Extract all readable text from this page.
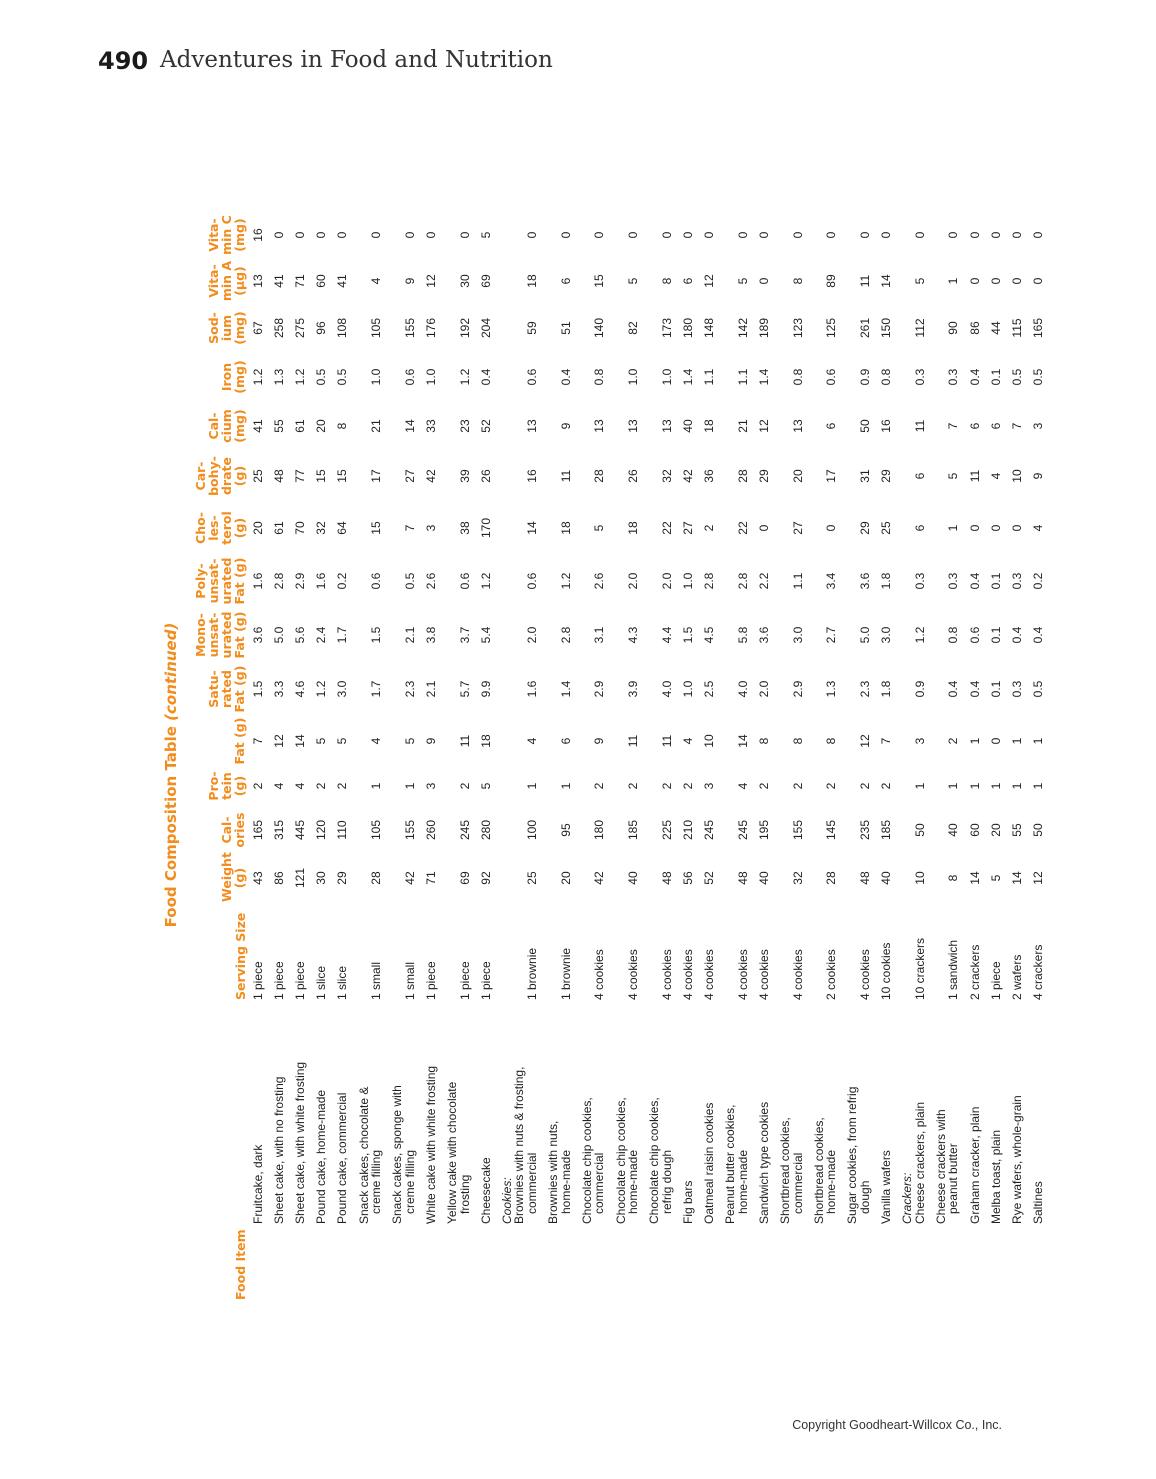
490 Adventures in Food and Nutrition
Food Composition Table (continued)
Food Item
Serving Size
Weight
(g)
Cal-
ories
Pro-
tein
(g)
Fat (g)
Satu-
rated
Fat (g)
Mono-
unsat-
urated
Fat (g)
Poly-
unsat-
urated
Fat (g)
Cho-
les-
terol
(g)
Car-
bohy-
drate
(g)
Cal-
cium
(mg)
Iron
(mg)
Sod-
ium
(mg)
Vita-
min A
(μg)
Vita-
min C
(mg)
Fruitcake, dark
1 piece
43
165
2
7
1.5
3.6
1.6
20
25
41
1.2
67
13
16
Sheet cake, with no frosting
1 piece
86
315
4
12
3.3
5.0
2.8
61
48
55
1.3
258
41
0
Sheet cake, with white frosting
1 piece
121
445
4
14
4.6
5.6
2.9
70
77
61
1.2
275
71
0
Pound cake, home-made
1 slice
30
120
2
5
1.2
2.4
1.6
32
15
20
0.5
96
60
0
Pound cake, commercial
1 slice
29
110
2
5
3.0
1.7
0.2
64
15
8
0.5
108
41
0
Snack cakes, chocolate &
creme filling
1 small
28
105
1
4
1.7
1.5
0.6
15
17
21
1.0
105
4
0
Snack cakes, sponge with
creme filling
1 small
42
155
1
5
2.3
2.1
0.5
7
27
14
0.6
155
9
0
White cake with white frosting
1 piece
71
260
3
9
2.1
3.8
2.6
3
42
33
1.0
176
12
0
Yellow cake with chocolate
frosting
1 piece
69
245
2
11
5.7
3.7
0.6
38
39
23
1.2
192
30
0
Cheesecake
1 piece
92
280
5
18
9.9
5.4
1.2
170
26
52
0.4
204
69
5
Cookies:
Brownies with nuts & frosting,
commercial
1 brownie
25
100
1
4
1.6
2.0
0.6
14
16
13
0.6
59
18
0
Brownies with nuts,
home-made
1 brownie
20
95
1
6
1.4
2.8
1.2
18
11
9
0.4
51
6
0
Chocolate chip cookies,
commercial
4 cookies
42
180
2
9
2.9
3.1
2.6
5
28
13
0.8
140
15
0
Chocolate chip cookies,
home-made
4 cookies
40
185
2
11
3.9
4.3
2.0
18
26
13
1.0
82
5
0
Chocolate chip cookies,
refrig dough
4 cookies
48
225
2
11
4.0
4.4
2.0
22
32
13
1.0
173
8
0
Fig bars
4 cookies
56
210
2
4
1.0
1.5
1.0
27
42
40
1.4
180
6
0
Oatmeal raisin cookies
4 cookies
52
245
3
10
2.5
4.5
2.8
2
36
18
1.1
148
12
0
Peanut butter cookies,
home-made
4 cookies
48
245
4
14
4.0
5.8
2.8
22
28
21
1.1
142
5
0
Sandwich type cookies
4 cookies
40
195
2
8
2.0
3.6
2.2
0
29
12
1.4
189
0
0
Shortbread cookies,
commercial
4 cookies
32
155
2
8
2.9
3.0
1.1
27
20
13
0.8
123
8
0
Shortbread cookies,
home-made
2 cookies
28
145
2
8
1.3
2.7
3.4
0
17
6
0.6
125
89
0
Sugar cookies, from refrig
dough
4 cookies
48
235
2
12
2.3
5.0
3.6
29
31
50
0.9
261
11
0
Vanilla wafers
10 cookies
40
185
2
7
1.8
3.0
1.8
25
29
16
0.8
150
14
0
Crackers:
Cheese crackers, plain
10 crackers
10
50
1
3
0.9
1.2
0.3
6
6
11
0.3
112
5
0
Cheese crackers with
peanut butter
1 sandwich
8
40
1
2
0.4
0.8
0.3
1
5
7
0.3
90
1
0
Graham cracker, plain
2 crackers
14
60
1
1
0.4
0.6
0.4
0
11
6
0.4
86
0
0
Melba toast, plain
1 piece
5
20
1
0
0.1
0.1
0.1
0
4
6
0.1
44
0
0
Rye wafers, whole-grain
2 wafers
14
55
1
1
0.3
0.4
0.3
0
10
7
0.5
115
0
0
Saltines
4 crackers
12
50
1
1
0.5
0.4
0.2
4
9
3
0.5
165
0
0
Copyright Goodheart-Willcox Co., Inc.
